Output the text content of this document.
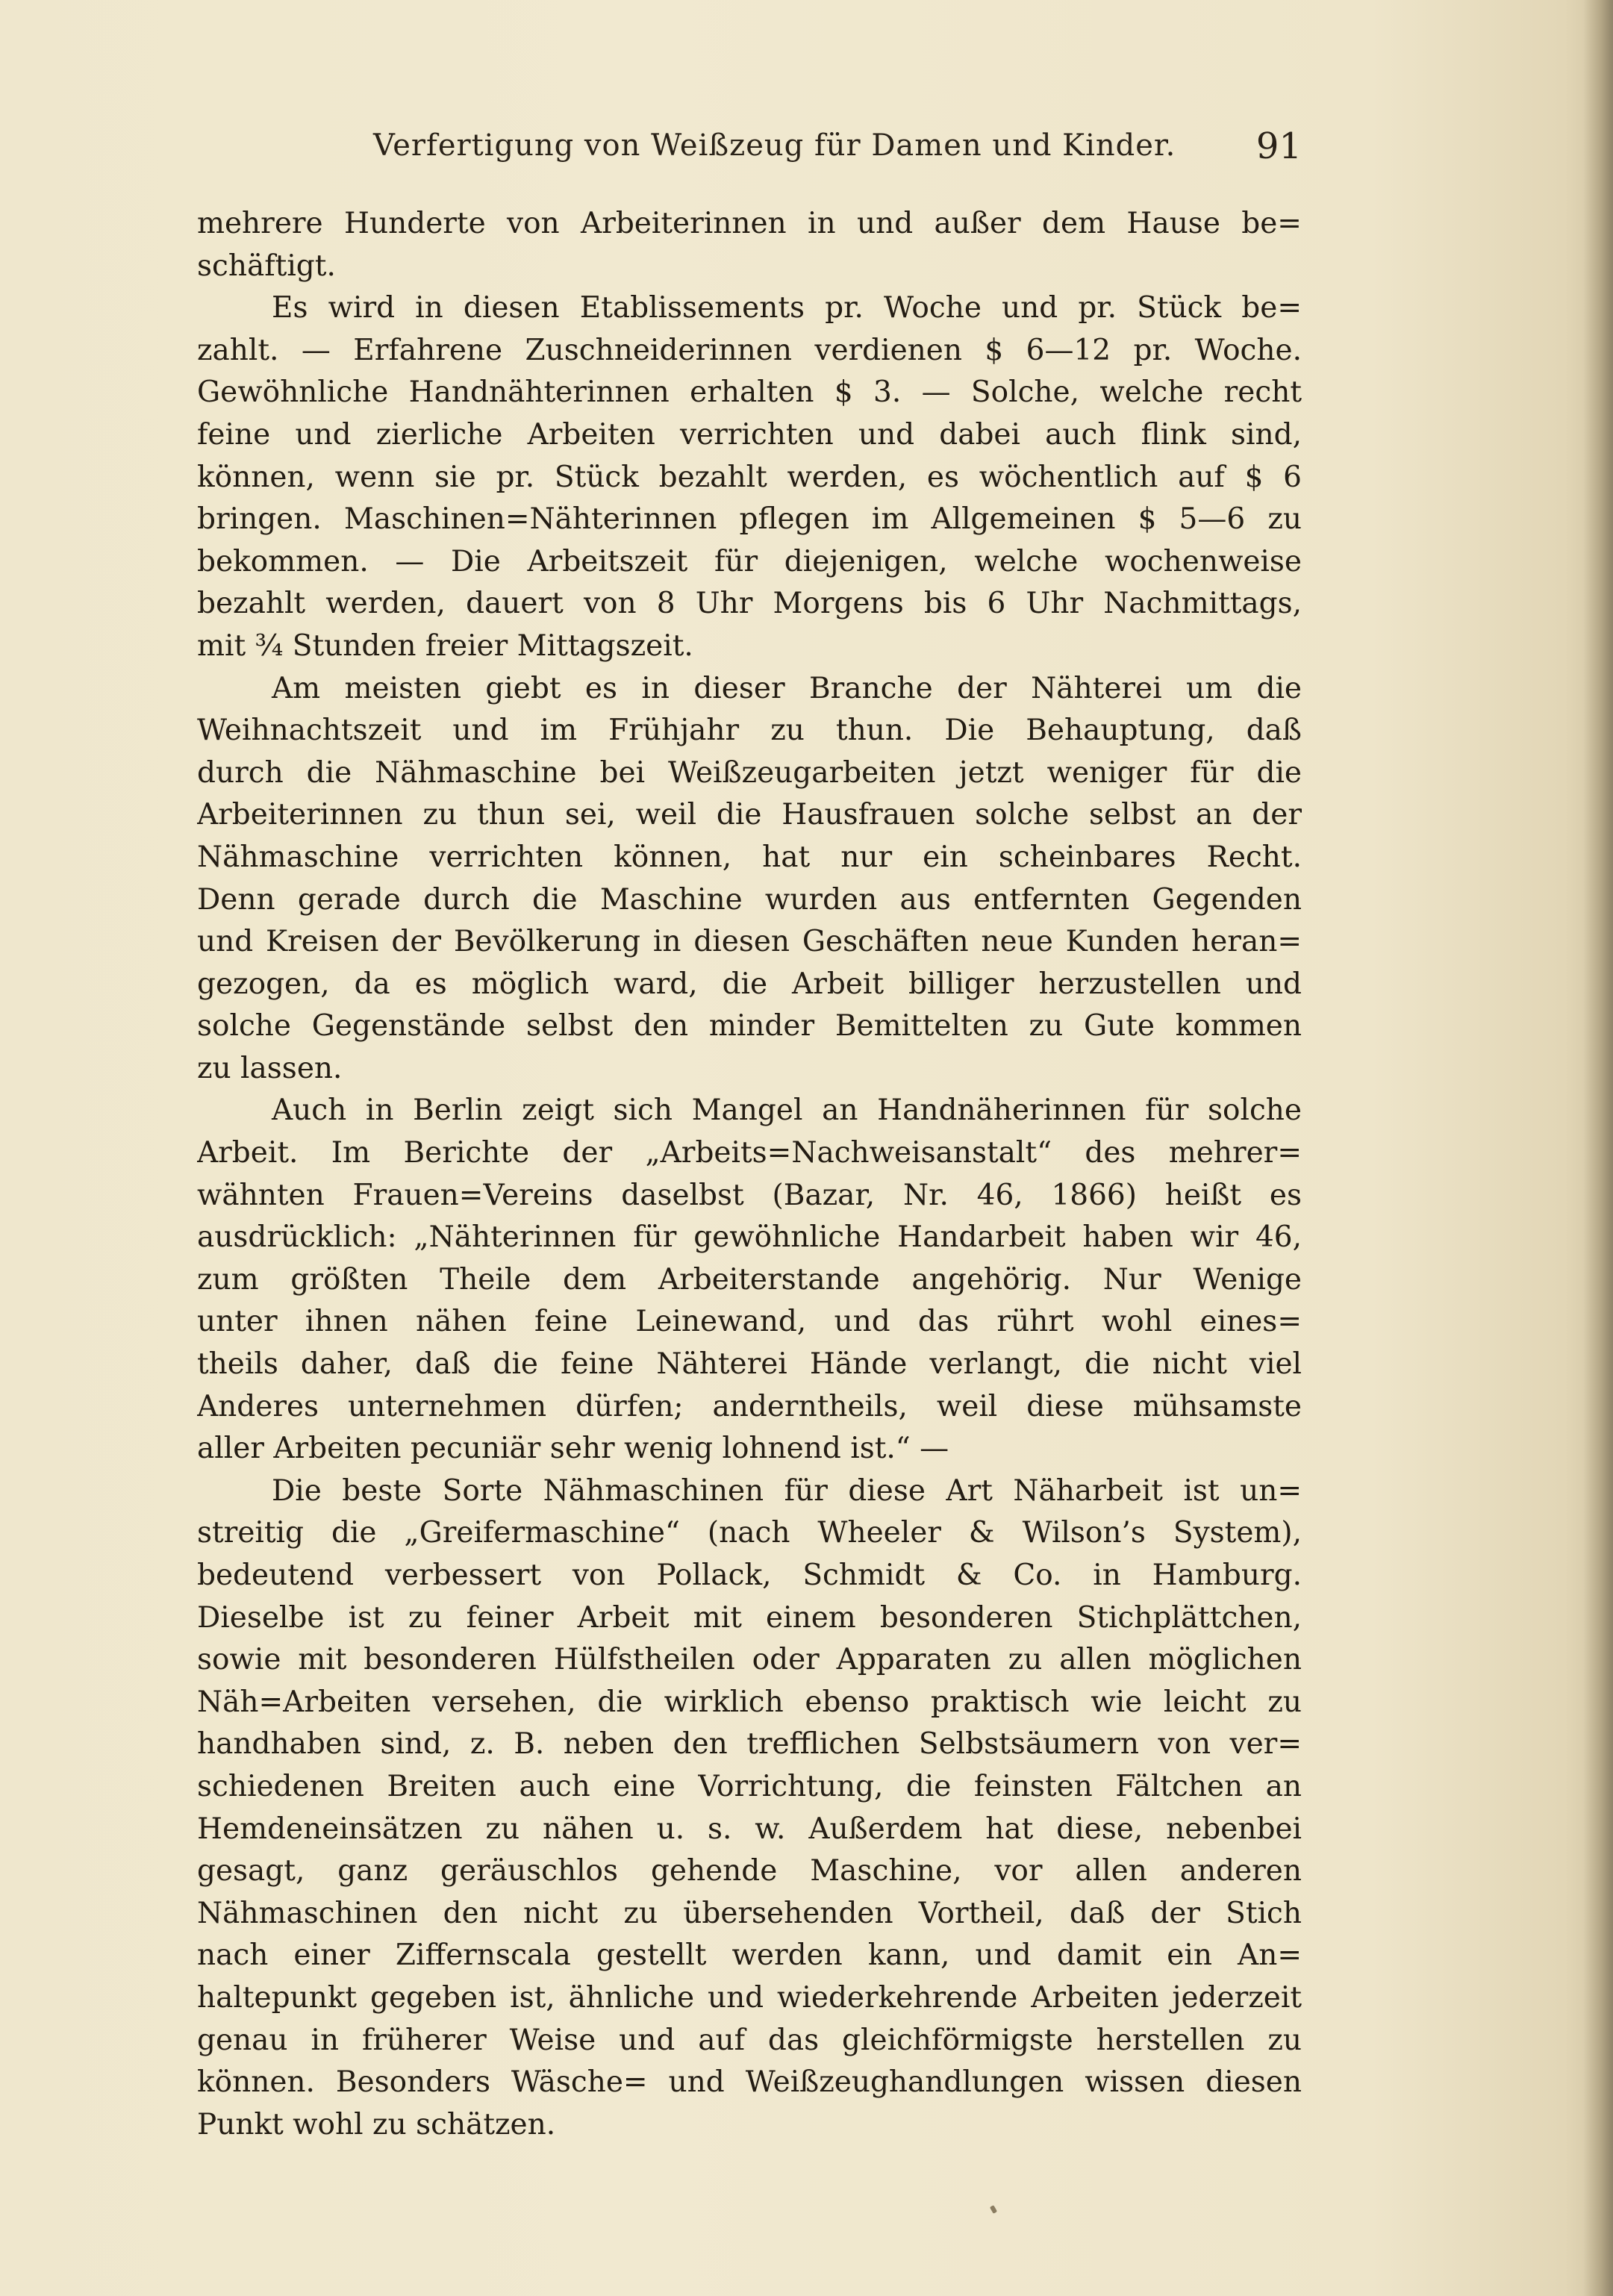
Verfertigung von Weißzeug für Damen und Kinder. 91
mehrere Hunderte von Arbeiterinnen in und außer dem Hause be=
schäftigt.
Es wird in diesen Etablissements pr. Woche und pr. Stück be=
zahlt. — Erfahrene Zuschneiderinnen verdienen $ 6—12 pr. Woche.
Gewöhnliche Handnähterinnen erhalten $ 3. — Solche, welche recht
feine und zierliche Arbeiten verrichten und dabei auch flink sind,
können, wenn sie pr. Stück bezahlt werden, es wöchentlich auf $ 6
bringen. Maschinen=Nähterinnen pflegen im Allgemeinen $ 5—6 zu
bekommen. — Die Arbeitszeit für diejenigen, welche wochenweise
bezahlt werden, dauert von 8 Uhr Morgens bis 6 Uhr Nachmittags,
mit ¾ Stunden freier Mittagszeit.
Am meisten giebt es in dieser Branche der Nähterei um die
Weihnachtszeit und im Frühjahr zu thun. Die Behauptung, daß
durch die Nähmaschine bei Weißzeugarbeiten jetzt weniger für die
Arbeiterinnen zu thun sei, weil die Hausfrauen solche selbst an der
Nähmaschine verrichten können, hat nur ein scheinbares Recht.
Denn gerade durch die Maschine wurden aus entfernten Gegenden
und Kreisen der Bevölkerung in diesen Geschäften neue Kunden heran=
gezogen, da es möglich ward, die Arbeit billiger herzustellen und
solche Gegenstände selbst den minder Bemittelten zu Gute kommen
zu lassen.
Auch in Berlin zeigt sich Mangel an Handnäherinnen für solche
Arbeit. Im Berichte der „Arbeits=Nachweisanstalt“ des mehrer=
wähnten Frauen=Vereins daselbst (Bazar, Nr. 46, 1866) heißt es
ausdrücklich: „Nähterinnen für gewöhnliche Handarbeit haben wir 46,
zum größten Theile dem Arbeiterstande angehörig. Nur Wenige
unter ihnen nähen feine Leinewand, und das rührt wohl eines=
theils daher, daß die feine Nähterei Hände verlangt, die nicht viel
Anderes unternehmen dürfen; anderntheils, weil diese mühsamste
aller Arbeiten pecuniär sehr wenig lohnend ist.“ —
Die beste Sorte Nähmaschinen für diese Art Näharbeit ist un=
streitig die „Greifermaschine“ (nach Wheeler & Wilson’s System),
bedeutend verbessert von Pollack, Schmidt & Co. in Hamburg.
Dieselbe ist zu feiner Arbeit mit einem besonderen Stichplättchen,
sowie mit besonderen Hülfstheilen oder Apparaten zu allen möglichen
Näh=Arbeiten versehen, die wirklich ebenso praktisch wie leicht zu
handhaben sind, z. B. neben den trefflichen Selbstsäumern von ver=
schiedenen Breiten auch eine Vorrichtung, die feinsten Fältchen an
Hemdeneinsätzen zu nähen u. s. w. Außerdem hat diese, nebenbei
gesagt, ganz geräuschlos gehende Maschine, vor allen anderen
Nähmaschinen den nicht zu übersehenden Vortheil, daß der Stich
nach einer Ziffernscala gestellt werden kann, und damit ein An=
haltepunkt gegeben ist, ähnliche und wiederkehrende Arbeiten jederzeit
genau in früherer Weise und auf das gleichförmigste herstellen zu
können. Besonders Wäsche= und Weißzeughandlungen wissen diesen
Punkt wohl zu schätzen.
